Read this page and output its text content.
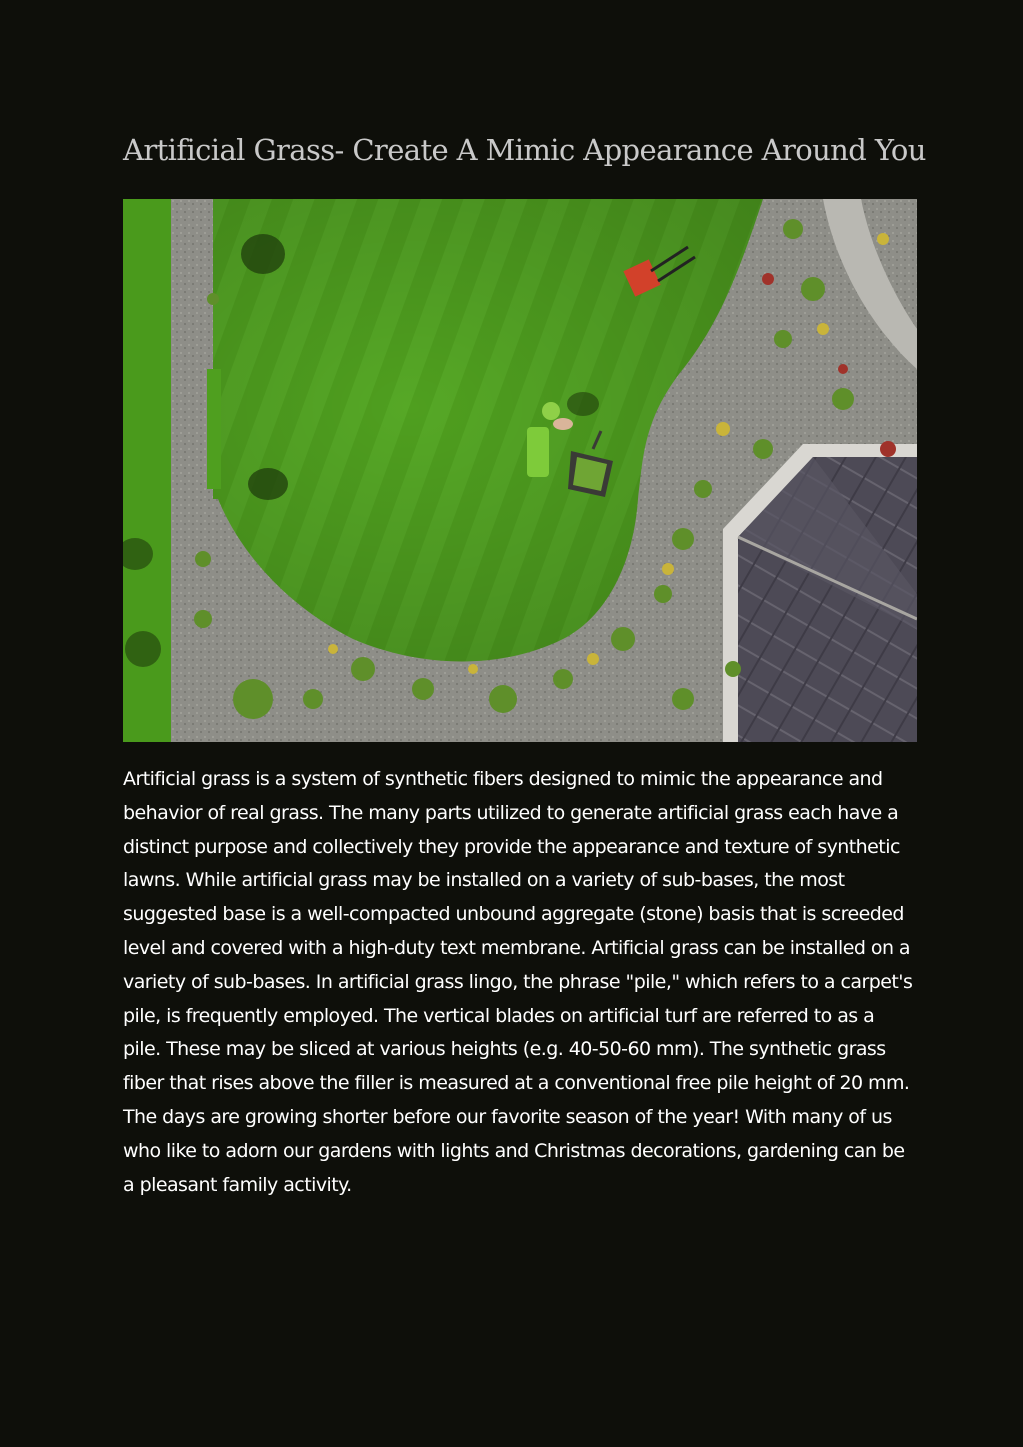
Artificial Grass- Create A Mimic Appearance Around You

Artificial grass is a system of synthetic fibers designed to mimic the appearance and behavior of real grass. The many parts utilized to generate artificial grass each have a distinct purpose and collectively they provide the appearance and texture of synthetic lawns. While artificial grass may be installed on a variety of sub-bases, the most suggested base is a well-compacted unbound aggregate (stone) basis that is screeded level and covered with a high-duty text membrane. Artificial grass can be installed on a variety of sub-bases. In artificial grass lingo, the phrase "pile," which refers to a carpet's pile, is frequently employed. The vertical blades on artificial turf are referred to as a pile. These may be sliced at various heights (e.g. 40-50-60 mm). The synthetic grass fiber that rises above the filler is measured at a conventional free pile height of 20 mm. The days are growing shorter before our favorite season of the year! With many of us who like to adorn our gardens with lights and Christmas decorations, gardening can be a pleasant family activity.
